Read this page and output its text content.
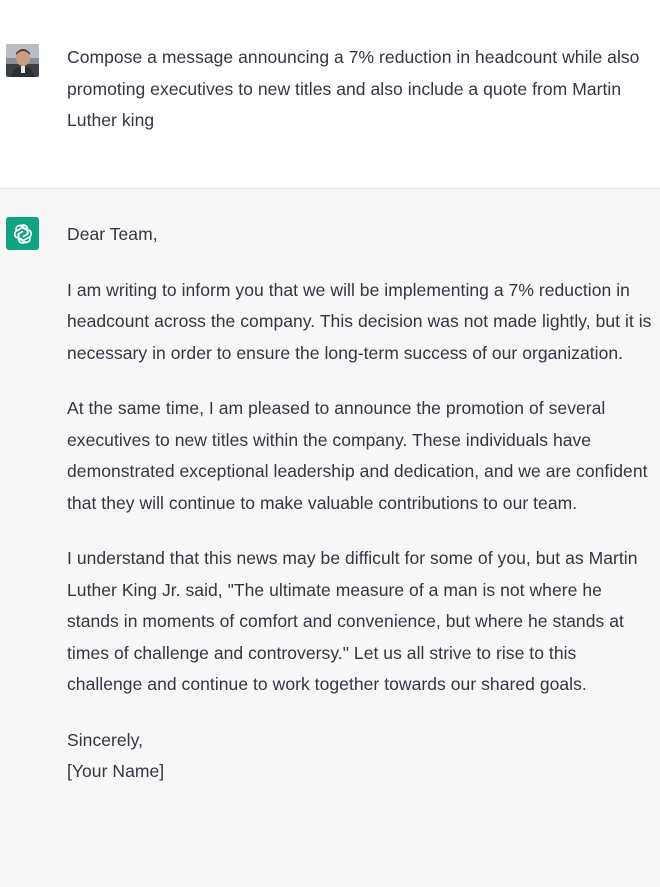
Compose a message announcing a 7% reduction in headcount while also promoting executives to new titles and also include a quote from Martin Luther king

Dear Team,

I am writing to inform you that we will be implementing a 7% reduction in headcount across the company. This decision was not made lightly, but it is necessary in order to ensure the long-term success of our organization.

At the same time, I am pleased to announce the promotion of several executives to new titles within the company. These individuals have demonstrated exceptional leadership and dedication, and we are confident that they will continue to make valuable contributions to our team.

I understand that this news may be difficult for some of you, but as Martin Luther King Jr. said, "The ultimate measure of a man is not where he stands in moments of comfort and convenience, but where he stands at times of challenge and controversy." Let us all strive to rise to this challenge and continue to work together towards our shared goals.

Sincerely,

[Your Name]
